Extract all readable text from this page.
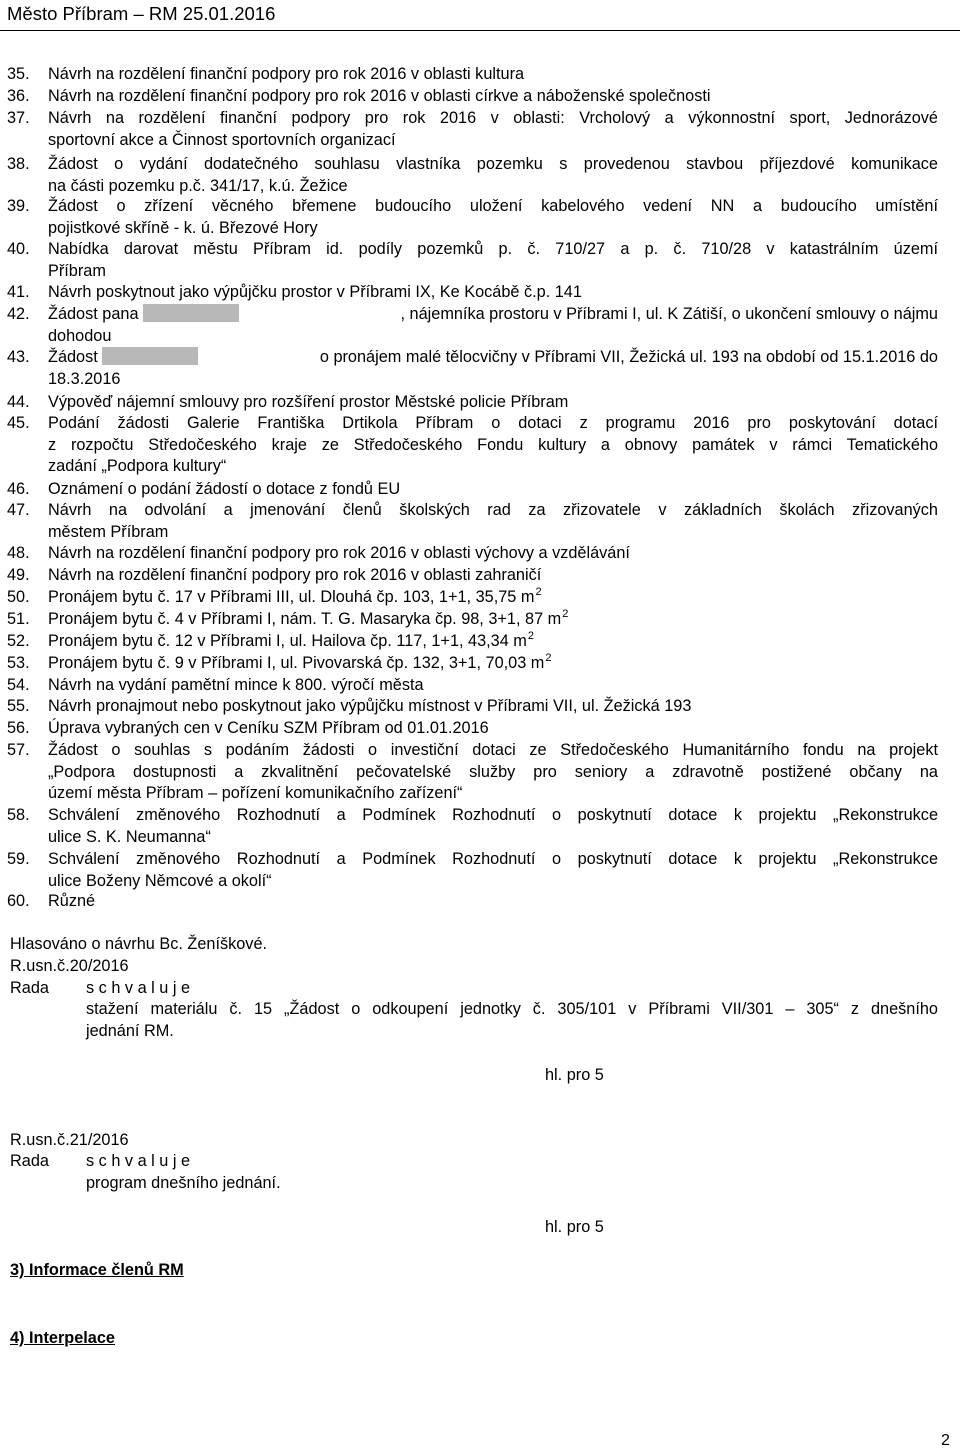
Město Příbram – RM 25.01.2016
35. Návrh na rozdělení finanční podpory pro rok 2016 v oblasti kultura
36. Návrh na rozdělení finanční podpory pro rok 2016 v oblasti církve a náboženské společnosti
37. Návrh na rozdělení finanční podpory pro rok 2016 v oblasti: Vrcholový a výkonnostní sport, Jednorázové
sportovní akce a Činnost sportovních organizací
38. Žádost o vydání dodatečného souhlasu vlastníka pozemku s provedenou stavbou příjezdové komunikace
na části pozemku p.č. 341/17, k.ú. Žežice
39. Žádost o zřízení věcného břemene budoucího uložení kabelového vedení NN a budoucího umístění
pojistkové skříně - k. ú. Březové Hory
40. Nabídka darovat městu Příbram id. podíly pozemků p. č. 710/27 a p. č. 710/28 v katastrálním území
Příbram
41. Návrh poskytnout jako výpůjčku prostor v Příbrami IX, Ke Kocábě č.p. 141
42. Žádost pana	, nájemníka prostoru v Příbrami I, ul. K Zátiší, o ukončení smlouvy o nájmu
dohodou
43. Žádost	o pronájem malé tělocvičny v Příbrami VII, Žežická ul. 193 na období od 15.1.2016 do
18.3.2016
44. Výpověď nájemní smlouvy pro rozšíření prostor Městské policie Příbram
45. Podání žádosti Galerie Františka Drtikola Příbram o dotaci z programu 2016 pro poskytování dotací
z rozpočtu Středočeského kraje ze Středočeského Fondu kultury a obnovy památek v rámci Tematického
zadání „Podpora kultury“
46. Oznámení o podání žádostí o dotace z fondů EU
47. Návrh na odvolání a jmenování členů školských rad za zřizovatele v základních školách zřizovaných
městem Příbram
48. Návrh na rozdělení finanční podpory pro rok 2016 v oblasti výchovy a vzdělávání
49. Návrh na rozdělení finanční podpory pro rok 2016 v oblasti zahraničí
50. Pronájem bytu č. 17 v Příbrami III, ul. Dlouhá čp. 103, 1+1, 35,75 $m^2$
51. Pronájem bytu č. 4 v Příbrami I, nám. T. G. Masaryka čp. 98, 3+1, 87 $m^2$
52. Pronájem bytu č. 12 v Příbrami I, ul. Hailova čp. 117, 1+1, 43,34 $m^2$
53. Pronájem bytu č. 9 v Příbrami I, ul. Pivovarská čp. 132, 3+1, 70,03 $m^2$
54. Návrh na vydání pamětní mince k 800. výročí města
55. Návrh pronajmout nebo poskytnout jako výpůjčku místnost v Příbrami VII, ul. Žežická 193
56. Úprava vybraných cen v Ceníku SZM Příbram od 01.01.2016
57. Žádost o souhlas s podáním žádosti o investiční dotaci ze Středočeského Humanitárního fondu na projekt
„Podpora dostupnosti a zkvalitnění pečovatelské služby pro seniory a zdravotně postižené občany na
území města Příbram – pořízení komunikačního zařízení“
58. Schválení změnového Rozhodnutí a Podmínek Rozhodnutí o poskytnutí dotace k projektu „Rekonstrukce
ulice S. K. Neumanna“
59. Schválení změnového Rozhodnutí a Podmínek Rozhodnutí o poskytnutí dotace k projektu „Rekonstrukce
ulice Boženy Němcové a okolí“
60. Různé
Hlasováno o návrhu Bc. Ženíškové.
R.usn.č.20/2016
Rada s c h v a l u j e
stažení materiálu č. 15 „Žádost o odkoupení jednotky č. 305/101 v Příbrami VII/301 – 305“ z dnešního
jednání RM.
hl. pro 5
R.usn.č.21/2016
Rada s c h v a l u j e
program dnešního jednání.
hl. pro 5
3) Informace členů RM
4) Interpelace
2
